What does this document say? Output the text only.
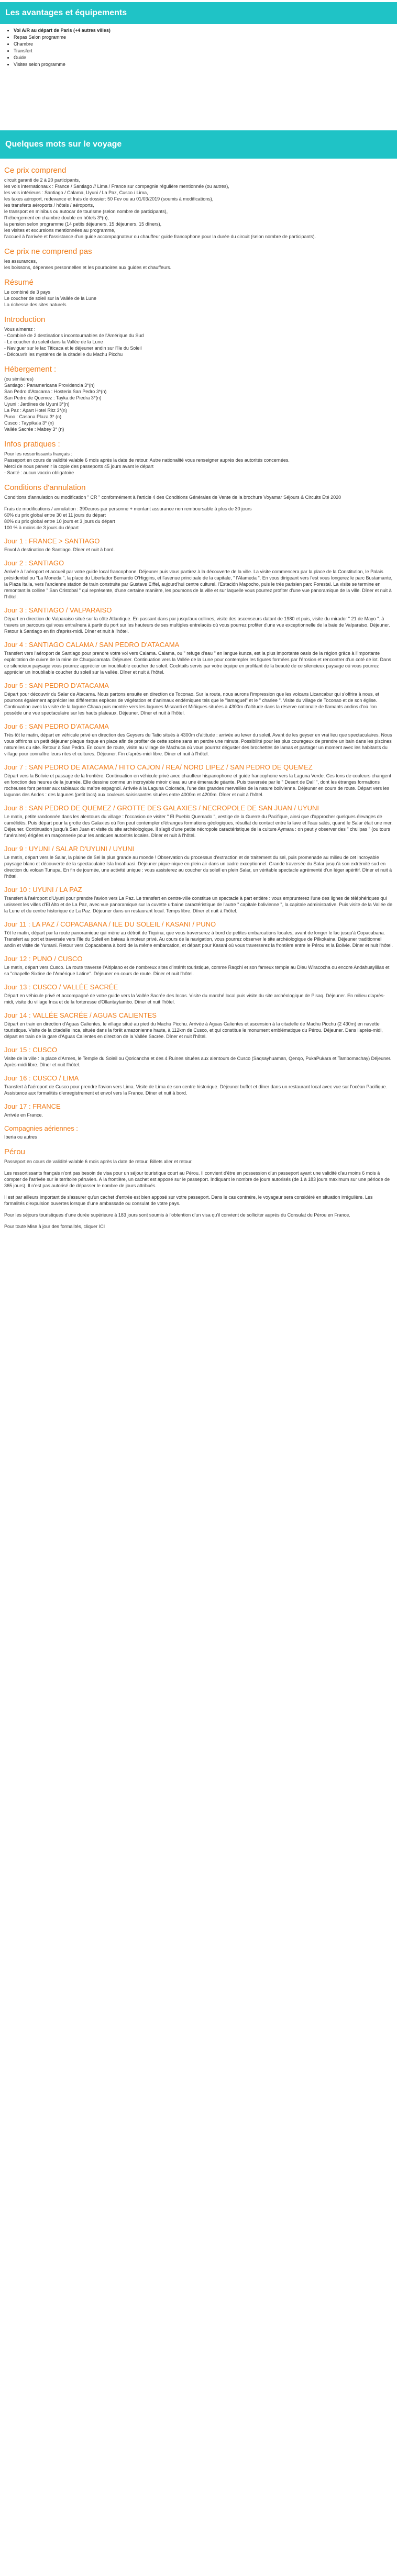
Les avantages et équipements
• Vol A/R au départ de Paris (+4 autres villes)
• Repas Selon programme
• Chambre
• Transfert
• Guide
• Visites selon programme
Quelques mots sur le voyage
Ce prix comprend

circuit garanti de 2 à 20 participants,

les vols internationaux : France / Santiago // Lima / France sur compagnie régulière mentionnée (ou autres),

les vols intérieurs : Santiago / Calama, Uyuni / La Paz, Cusco / Lima,

les taxes aéroport, redevance et frais de dossier: 50 Fev ou au 01/03/2019 (soumis à modifications),

les transferts aéroports / hôtels / aéroports,

le transport en minibus ou autocar de tourisme (selon nombre de participants),

l'hébergement en chambre double en hôtels 3*(n),

la pension selon programme (14 petits déjeuners, 15 déjeuners, 15 dîners),

les visites et excursions mentionnées au programme,

l'accueil à l'arrivée et l'assistance d'un guide accompagnateur ou chauffeur guide francophone pour la durée du circuit (selon nombre de participants).

Ce prix ne comprend pas

les assurances,

les boissons, dépenses personnelles et les pourboires aux guides et chauffeurs.

Résumé

Le combiné de 3 pays

Le coucher de soleil sur la Vallée de la Lune

La richesse des sites naturels

Introduction

Vous aimerez :

- Combiné de 2 destinations incontournables de l'Amérique du Sud

- Le coucher du soleil dans la Vallée de la Lune

- Naviguer sur le lac Titicaca et le déjeuner andin sur l'île du Soleil

- Découvrir les mystères de la citadelle du Machu Picchu

Hébergement :

(ou similaires)

Santiago : Panamericana Providencia 3*(n)

San Pedro d'Atacama : Hosteria San Pedro 3*(n)

San Pedro de Quemez : Tayka de Piedra 3*(n)

Uyuni : Jardines de Uyuni 3*(n)

La Paz : Apart Hotel Ritz 3*(n)

Puno : Casona Plaza 3* (n)

Cusco : Taypikala 3* (n)

Vallée Sacrée : Mabey 3* (n)

Infos pratiques :

Pour les ressortissants français :

Passeport en cours de validité valable 6 mois après la date de retour. Autre nationalité vous renseigner auprès des autorités concernées.

Merci de nous parvenir la copie des passeports 45 jours avant le départ

- Santé : aucun vaccin obligatoire

Conditions d'annulation

Conditions d'annulation ou modification " CR " conformément à l'article 4 des Conditions Générales de Vente de la brochure Voyamar Séjours & Circuits Été 2020

Frais de modifications / annulation : 390euros par personne + montant assurance non remboursable à plus de 30 jours

60% du prix global entre 30 et 11 jours du départ

80% du prix global entre 10 jours et 3 jours du départ

100 % à moins de 3 jours du départ

Jour 1 : FRANCE > SANTIAGO

Envol à destination de Santiago. Dîner et nuit à bord.

Jour 2 : SANTIAGO

Arrivée à l'aéroport et accueil par votre guide local francophone. Déjeuner puis vous partirez à la découverte de la ville. La visite commencera par la place de la Constitution, le Palais présidentiel ou "La Moneda ", la place du Libertador Bernardo O'Higgins, et l'avenue principale de la capitale, " l'Alameda ". En vous dirigeant vers l'est vous longerez le parc Bustamante, la Plaza Italia, vers l'ancienne station de train construite par Gustave Eiffel, aujourd'hui centre culturel. l'Estación Mapocho, puis le très parisien parc Forestal. La visite se termine en remontant la colline " San Cristobal " qui représente, d'une certaine manière, les poumons de la ville et sur laquelle vous pourrez profiter d'une vue panoramique de la ville. Dîner et nuit à l'hôtel.

Jour 3 : SANTIAGO / VALPARAISO

Départ en direction de Valparaiso situé sur la côte Atlantique. En passant dans par jusqu'aux collines, visite des ascenseurs datant de 1980 et puis, visite du mirador " 21 de Mayo ". à travers un parcours qui vous entraînera à partir du port sur les hauteurs de ses multiples entrelacés où vous pourrez profiter d'une vue exceptionnelle de la baie de Valparaiso. Déjeuner. Retour à Santiago en fin d'après-midi. Dîner et nuit à l'hôtel.

Jour 4 : SANTIAGO CALAMA / SAN PEDRO D'ATACAMA

Transfert vers l'aéroport de Santiago pour prendre votre vol vers Calama. Calama, ou " refuge d'eau " en langue kunza, est la plus importante oasis de la région grâce à l'importante exploitation de cuivre de la mine de Chuquicamata. Déjeuner. Continuation vers la Vallée de la Lune pour contempler les figures formées par l'érosion et rencontrer d'un coté de lot. Dans ce silencieux paysage vous pourrez apprécier un inoubliable coucher de soleil. Cocktails servis par votre équipe en profitant de la beauté de ce silencieux paysage où vous pourrez apprécier un inoubliable coucher du soleil sur la vallée. Dîner et nuit à l'hôtel.

Jour 5 : SAN PEDRO D'ATACAMA

Départ pour découvrir du Salar de Atacama. Nous partons ensuite en direction de Toconao. Sur la route, nous aurons l'impression que les volcans Licancabur qui s'offrira à nous, et pourrons également apprécier les différentes espèces de végétation et d'animaux endémiques tels que le "lamaguel" et le " charlee ". Visite du village de Toconao et de son église. Continuation avec la visite de la lagune Chaxa puis montée vers les lagunes Miscanti et Miñiques situées à 4300m d'altitude dans la réserve nationale de flamants andins d'où l'on possède une vue spectaculaire sur les hauts plateaux. Déjeuner. Dîner et nuit à l'hôtel.

Jour 6 : SAN PEDRO D'ATACAMA

Très tôt le matin, départ en véhicule privé en direction des Geysers du Tatio situés à 4300m d'altitude : arrivée au lever du soleil. Avant de les geyser en vrai lieu que spectaculaires. Nous vous offrirons un petit déjeuner plaque risque en place afin de profiter de cette scène sans en perdre une minute. Possibilité pour les plus courageux de prendre un bain dans les piscines naturelles du site. Retour à San Pedro. En cours de route, visite au village de Machuca où vous pourrez déguster des brochettes de lamas et partager un moment avec les habitants du village pour connaître leurs rites et cultures. Déjeuner. Fin d'après-midi libre. Dîner et nuit à l'hôtel.

Jour 7 : SAN PEDRO DE ATACAMA / HITO CAJON / REA/ NORD LIPEZ / SAN PEDRO DE QUEMEZ

Départ vers la Bolivie et passage de la frontière. Continuation en véhicule privé avec chauffeur hispanophone et guide francophone vers la Laguna Verde. Ces tons de couleurs changent en fonction des heures de la journée. Elle dessine comme un incroyable miroir d'eau au une émeraude géante. Puis traversée par le " Desert de Dalí ", dont les étranges formations rocheuses font penser aux tableaux du maître espagnol. Arrivée à la Laguna Colorada, l'une des grandes merveilles de la nature bolivienne. Déjeuner en cours de route. Départ vers les lagunas des Andes : des lagunes (petit lacs) aux couleurs saisissantes situées entre 4000m et 4200m. Dîner et nuit à l'hôtel.

Jour 8 : SAN PEDRO DE QUEMEZ / GROTTE DES GALAXIES / NECROPOLE DE SAN JUAN / UYUNI

Le matin, petite randonnée dans les alentours du village : l'occasion de visiter " El Pueblo Quemado ", vestige de la Guerre du Pacifique, ainsi que d'approcher quelques élevages de camélidés. Puis départ pour la grotte des Galaxies où l'on peut contempler d'étranges formations géologiques, résultat du contact entre la lave et l'eau salés, quand le Salar était une mer. Déjeuner. Continuation jusqu'à San Juan et visite du site archéologique. Il s'agit d'une petite nécropole caractéristique de la culture Aymara : on peut y observer des " chullpas " (ou tours funéraires) érigées en maçonnerie pour les antiques autorités locales. Dîner et nuit à l'hôtel.

Jour 9 : UYUNI / SALAR D'UYUNI / UYUNI

Le matin, départ vers le Salar, la plaine de Sel la plus grande au monde ! Observation du processus d'extraction et de traitement du sel, puis promenade au milieu de cet incroyable paysage blanc et découverte de la spectaculaire Isla Incahuasi. Déjeuner pique-nique en plein air dans un cadre exceptionnel. Grande traversée du Salar jusqu'à son extrémité sud en direction du volcan Tunupa. En fin de journée, une activité unique : vous assisterez au coucher du soleil en plein Salar, un véritable spectacle agrémenté d'un léger apéritif. Dîner et nuit à l'hôtel.

Jour 10 : UYUNI / LA PAZ

Transfert à l'aéroport d'Uyuni pour prendre l'avion vers La Paz. Le transfert en centre-ville constitue un spectacle à part entière : vous emprunterez l'une des lignes de téléphériques qui unissent les villes d'El Alto et de La Paz, avec vue panoramique sur la cuvette urbaine caractéristique de l'autre " capitale bolivienne ", la capitale administrative. Puis visite de la Vallée de la Lune et du centre historique de La Paz. Déjeuner dans un restaurant local. Temps libre. Dîner et nuit à l'hôtel.

Jour 11 : LA PAZ / COPACABANA / ILE DU SOLEIL / KASANI / PUNO

Tôt le matin, départ par la route panoramique qui mène au détroit de Tiquina, que vous traverserez à bord de petites embarcations locales, avant de longer le lac jusqu'à Copacabana. Transfert au port et traversée vers l'île du Soleil en bateau à moteur privé. Au cours de la navigation, vous pourrez observer le site archéologique de Pilkokaina. Déjeuner traditionnel andin et visite de Yumani. Retour vers Copacabana à bord de la même embarcation, et départ pour Kasani où vous traverserez la frontière entre le Pérou et la Bolivie. Dîner et nuit l'hôtel.

Jour 12 : PUNO / CUSCO

Le matin, départ vers Cusco. La route traverse l'Altiplano et de nombreux sites d'intérêt touristique, comme Raqchi et son fameux temple au Dieu Wiracocha ou encore Andahuaylillas et sa "chapelle Sixtine de l'Amérique Latine". Déjeuner en cours de route. Dîner et nuit l'hôtel.

Jour 13 : CUSCO / VALLÉE SACRÉE

Départ en véhicule privé et accompagné de votre guide vers la Vallée Sacrée des Incas. Visite du marché local puis visite du site archéologique de Pisaq. Déjeuner. En milieu d'après-midi, visite du village Inca et de la forteresse d'Ollantaytambo. Dîner et nuit l'hôtel.

Jour 14 : VALLÉE SACRÉE / AGUAS CALIENTES

Départ en train en direction d'Aguas Calientes, le village situé au pied du Machu Picchu. Arrivée à Aguas Calientes et ascension à la citadelle de Machu Picchu (2 430m) en navette touristique. Visite de la citadelle inca, située dans la forêt amazonienne haute, à 112km de Cusco, et qui constitue le monument emblématique du Pérou. Déjeuner. Dans l'après-midi, départ en train de la gare d'Aguas Calientes en direction de la Vallée Sacrée. Dîner et nuit l'hôtel.

Jour 15 : CUSCO

Visite de la ville : la place d'Armes, le Temple du Soleil ou Qoricancha et des 4 Ruines situées aux alentours de Cusco (Saqsayhuaman, Qenqo, PukaPukara et Tambomachay) Déjeuner. Après-midi libre. Dîner et nuit l'hôtel.

Jour 16 : CUSCO / LIMA

Transfert à l'aéroport de Cusco pour prendre l'avion vers Lima. Visite de Lima de son centre historique. Déjeuner buffet et dîner dans un restaurant local avec vue sur l'océan Pacifique. Assistance aux formalités d'enregistrement et envol vers la France. Dîner et nuit à bord.

Jour 17 : FRANCE

Arrivée en France.

Compagnies aériennes :

Iberia ou autres

Pérou

Passeport en cours de validité valable 6 mois après la date de retour. Billets aller et retour.

Les ressortissants français n'ont pas besoin de visa pour un séjour touristique court au Pérou. Il convient d'être en possession d'un passeport ayant une validité d'au moins 6 mois à compter de l'arrivée sur le territoire péruvien. À la frontière, un cachet est apposé sur le passeport. Indiquant le nombre de jours autorisés (de 1 à 183 jours maximum sur une période de 365 jours). Il n'est pas autorisé de dépasser le nombre de jours attribués.

Il est par ailleurs important de s'assurer qu'un cachet d'entrée est bien apposé sur votre passeport. Dans le cas contraire, le voyageur sera considéré en situation irrégulière. Les formalités d'expulsion ouvertes lorsque d'une ambassade ou consulat de votre pays.

Pour les séjours touristiques d'une durée supérieure à 183 jours sont soumis à l'obtention d'un visa qu'il convient de solliciter auprès du Consulat du Pérou en France.

Pour toute Mise à jour des formalités, cliquer ICI
